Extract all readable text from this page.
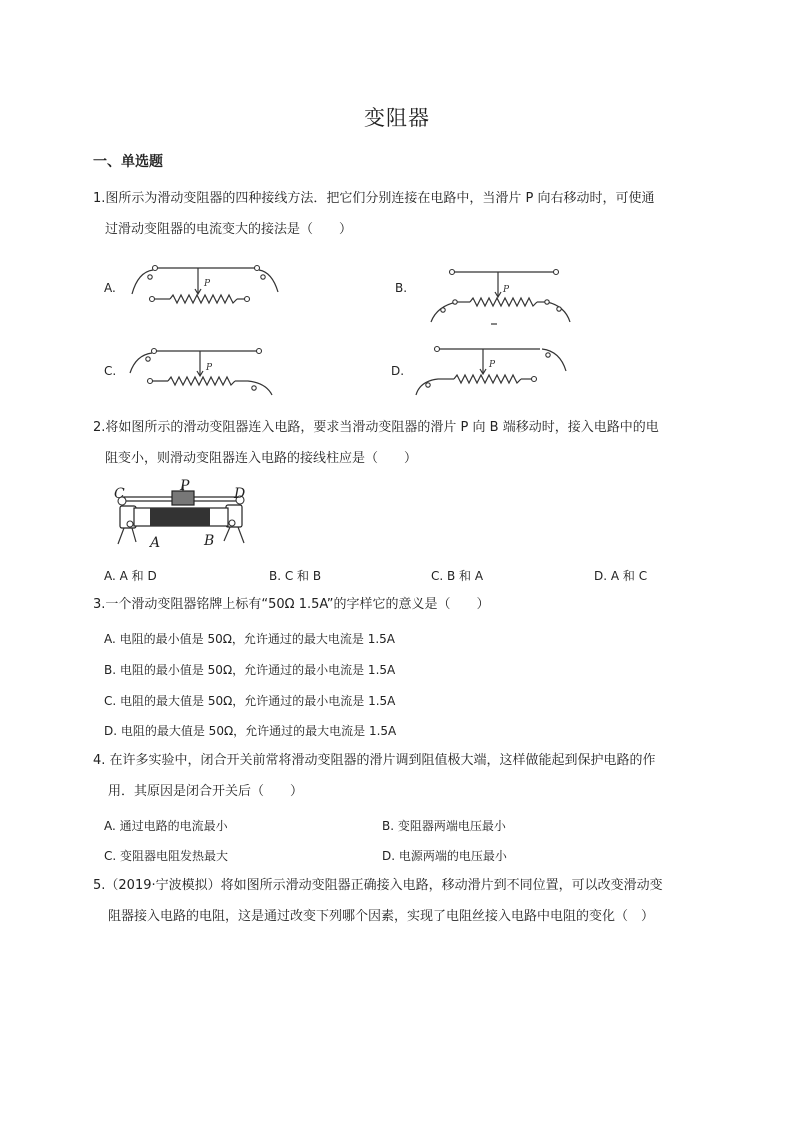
变阻器
一、单选题
1.图所示为滑动变阻器的四种接线方法．把它们分别连接在电路中，当滑片 P 向右移动时，可使通
过滑动变阻器的电流变大的接法是（　　）
A.	B.
C.	D.
P
P
P	P
2.将如图所示的滑动变阻器连入电路，要求当滑动变阻器的滑片 P 向 B 端移动时，接入电路中的电
阻变小，则滑动变阻器连入电路的接线柱应是（　　）
C	P	D
A	B
A. A 和 D	B. C 和 B	C. B 和 A	D. A 和 C
3.一个滑动变阻器铭牌上标有“50Ω 1.5A”的字样它的意义是（　　）
A. 电阻的最小值是 50Ω，允许通过的最大电流是 1.5A
B. 电阻的最小值是 50Ω，允许通过的最小电流是 1.5A
C. 电阻的最大值是 50Ω，允许通过的最小电流是 1.5A
D. 电阻的最大值是 50Ω，允许通过的最大电流是 1.5A
4. 在许多实验中，闭合开关前常将滑动变阻器的滑片调到阻值极大端，这样做能起到保护电路的作
用．其原因是闭合开关后（　　）
A. 通过电路的电流最小	B. 变阻器两端电压最小
C. 变阻器电阻发热最大	D. 电源两端的电压最小
5.（2019·宁波模拟）将如图所示滑动变阻器正确接入电路，移动滑片到不同位置，可以改变滑动变
阻器接入电路的电阻，这是通过改变下列哪个因素，实现了电阻丝接入电路中电阻的变化（　）
